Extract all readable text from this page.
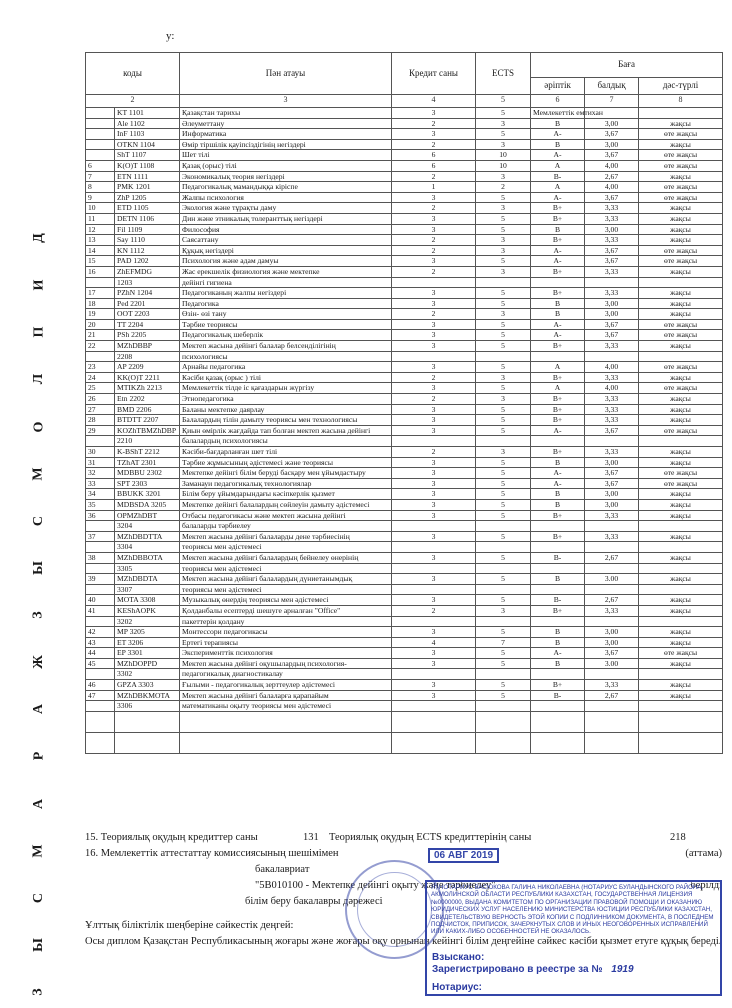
у:
Д
И
П
Л
О
М
С
Ы
З
Ж
А
Р
А
М
С
Ы
З
коды		Пән атауы	Кредит саны	ECTS	Баға		
					әріптік	балдық	дәс-түрлі
2		3	4	5	6	7	8
	KT 1101	Қазақстан тарихы	3	5	Мемлекеттік емтихан		
	Ale 1102	Әлеуметтану	2	3	B	3,00	жақсы
	InF 1103	Информатика	3	5	A-	3,67	өте жақсы
	OTKN 1104	Өмір тіршілік қауіпсіздігінің негіздері	2	3	B	3,00	жақсы
	ShT 1107	Шет тілі	6	10	A-	3,67	өте жақсы
6	K(O)T 1108	Қазақ (орыс) тілі	6	10	A	4,00	өте жақсы
7	ETN 1111	Экономикалық теория негіздері	2	3	B-	2,67	жақсы
8	PMK 1201	Педагогикалық мамандыққа кіріспе	1	2	A	4,00	өте жақсы
9	ZhP 1205	Жалпы психология	3	5	A-	3,67	өте жақсы
10	ETD 1105	Экология және тұрақты даму	2	3	B+	3,33	жақсы
11	DETN 1106	Дин және этникалық толеранттық негіздері	3	5	B+	3,33	жақсы
12	Fil 1109	Философия	3	5	B	3,00	жақсы
13	Say 1110	Саясаттану	2	3	B+	3,33	жақсы
14	KN 1112	Құқық негіздері	2	3	A-	3,67	өте жақсы
15	PAD 1202	Психология және адам дамуы	3	5	A-	3,67	өте жақсы
16	ZhEFMDG	Жас ерекшелік физиология және мектепке	2	3	B+	3,33	жақсы
	1203	дейінгі гигиена					
17	PZhN 1204	Педагогиканың жалпы негіздері	3	5	B+	3,33	жақсы
18	Ped 2201	Педагогика	3	5	B	3,00	жақсы
19	OOT 2203	Өзін- өзі тану	2	3	B	3,00	жақсы
20	TT 2204	Тәрбие теориясы	3	5	A-	3,67	өте жақсы
21	PSh 2205	Педагогикалық шеберлік	3	5	A-	3,67	өте жақсы
22	MZhDBBP	Мектеп жасына дейінгі балалар белсенділігінің	3	5	B+	3,33	жақсы
	2208	психологиясы					
23	AP 2209	Арнайы педагогика	3	5	A	4,00	өте жақсы
24	KK(O)T 2211	Кәсіби қазақ (орыс ) тілі	2	3	B+	3,33	жақсы
25	MTIKZh 2213	Мемлекеттік тілде іс қағаздарын жүргізу	3	5	A	4,00	өте жақсы
26	Etn 2202	Этнопедагогика	2	3	B+	3,33	жақсы
27	BMD 2206	Баланы мектепке даярлау	3	5	B+	3,33	жақсы
28	BTDTT 2207	Балалардың тілін дамыту теориясы мен технологиясы	3	5	B+	3,33	жақсы
29	KOZhTBMZhDBP	Қиын өмірлік жағдайда тап болған мектеп жасына дейінгі	3	5	A-	3,67	өте жақсы
	2210	балалардың психологиясы					
30	K-BShT 2212	Кәсіби-бағдарланған шет тілі	2	3	B+	3,33	жақсы
31	TZhAT 2301	Тәрбие жұмысының әдістемесі және теориясы	3	5	B	3,00	жақсы
32	MDBBU 2302	Мектепке дейінгі білім беруді басқару мен ұйымдастыру	3	5	A-	3,67	өте жақсы
33	SPT 2303	Заманауи педагогикалық технологиялар	3	5	A-	3,67	өте жақсы
34	BBUKK 3201	Білім беру ұйымдарындағы кәсіпкерлік қызмет	3	5	B	3,00	жақсы
35	MDBSDA 3205	Мектепке дейінгі балалардың сөйлеуін дамыту әдістемесі	3	5	B	3,00	жақсы
36	OPMZhDBT	Отбасы педагогикасы және мектеп жасына дейінгі	3	5	B+	3,33	жақсы
	3204	балаларды тәрбиелеу					
37	MZhDBDTTA	Мектеп жасына дейінгі балаларды дене тәрбиесінің	3	5	B+	3,33	жақсы
	3304	теориясы мен әдістемесі					
38	MZhDBBOTA	Мектеп жасына дейінгі балалардың бейнелеу өнерінің	3	5	B-	2,67	жақсы
	3305	теориясы мен әдістемесі					
39	MZhDBDTA	Мектеп жасына дейінгі балалардың дүниетанымдық	3	5	B	3.00	жақсы
	3307	теориясы мен әдістемесі					
40	MOTA 3308	Музыкалық өнердің теориясы мен әдістемесі	3	5	B-	2,67	жақсы
41	KEShAOPK	Қолданбалы есептерді шешуге арналған "Office"	2	3	B+	3,33	жақсы
	3202	пакеттерін қолдану					
42	MP 3205	Монтессори педагогикасы	3	5	B	3,00	жақсы
43	ET 3206	Ертегі терапиясы	4	7	B	3,00	жақсы
44	EP 3301	Эксперименттік психология	3	5	A-	3,67	өте жақсы
45	MZhDOPPD	Мектеп жасына дейінгі оқушылардың психология-	3	5	B	3.00	жақсы
	3302	педагогикалық диагностикалау					
46	GPZA 3303	Ғылыми - педагогикалық зерттеулер әдістемесі	3	5	B+	3,33	жақсы
47	MZhDBKMOTA	Мектеп жасына дейінгі балаларға қарапайым	3	5	B-	2,67	жақсы
	3306	математиканы оқыту теориясы мен әдістемесі					

15. Теориялық оқудың кредиттер саны	131 Теориялық оқудың ECTS кредиттерінің саны	218
16. Мемлекеттік аттестаттау комиссиясының шешімімен	(аттама)
бакалавриат
"5В010100 - Мектепке дейінгі оқыту және тәрбиелеу"	берілді
білім беру бакалавры дәрежесі
Ұлттық біліктілік шеңберіне сәйкестік деңгей:
Осы диплом Қазақстан Республикасының жоғары және жоғары оқу орнынан кейінгі білім деңгейіне сәйкес кәсіби қызмет етуге құқық береді.
06 АВГ 2019
Я, НОТАРИУС ВАСЮКОВА ГАЛИНА НИКОЛАЕВНА (НОТАРИУС БУЛАНДЫНСКОГО РАЙОНА, АКМОЛИНСКОЙ ОБЛАСТИ РЕСПУБЛИКИ КАЗАХСТАН, ГОСУДАРСТВЕННАЯ ЛИЦЕНЗИЯ №0000000, ВЫДАНА КОМИТЕТОМ ПО ОРГАНИЗАЦИИ ПРАВОВОЙ ПОМОЩИ И ОКАЗАНИЮ ЮРИДИЧЕСКИХ УСЛУГ НАСЕЛЕНИЮ МИНИСТЕРСТВА ЮСТИЦИИ РЕСПУБЛИКИ КАЗАХСТАН, СВИДЕТЕЛЬСТВУЮ ВЕРНОСТЬ ЭТОЙ КОПИИ С ПОДЛИННИКОМ ДОКУМЕНТА, В ПОСЛЕДНЕМ ПОДЧИСТОК, ПРИПИСОК, ЗАЧЕРКНУТЫХ СЛОВ И ИНЫХ НЕОГОВОРЕННЫХ ИСПРАВЛЕНИЙ ИЛИ КАКИХ-ЛИБО ОСОБЕННОСТЕЙ НЕ ОКАЗАЛОСЬ.
Зарегистрировано в реестре за № 1919
Нотариус:
Взыскано:
